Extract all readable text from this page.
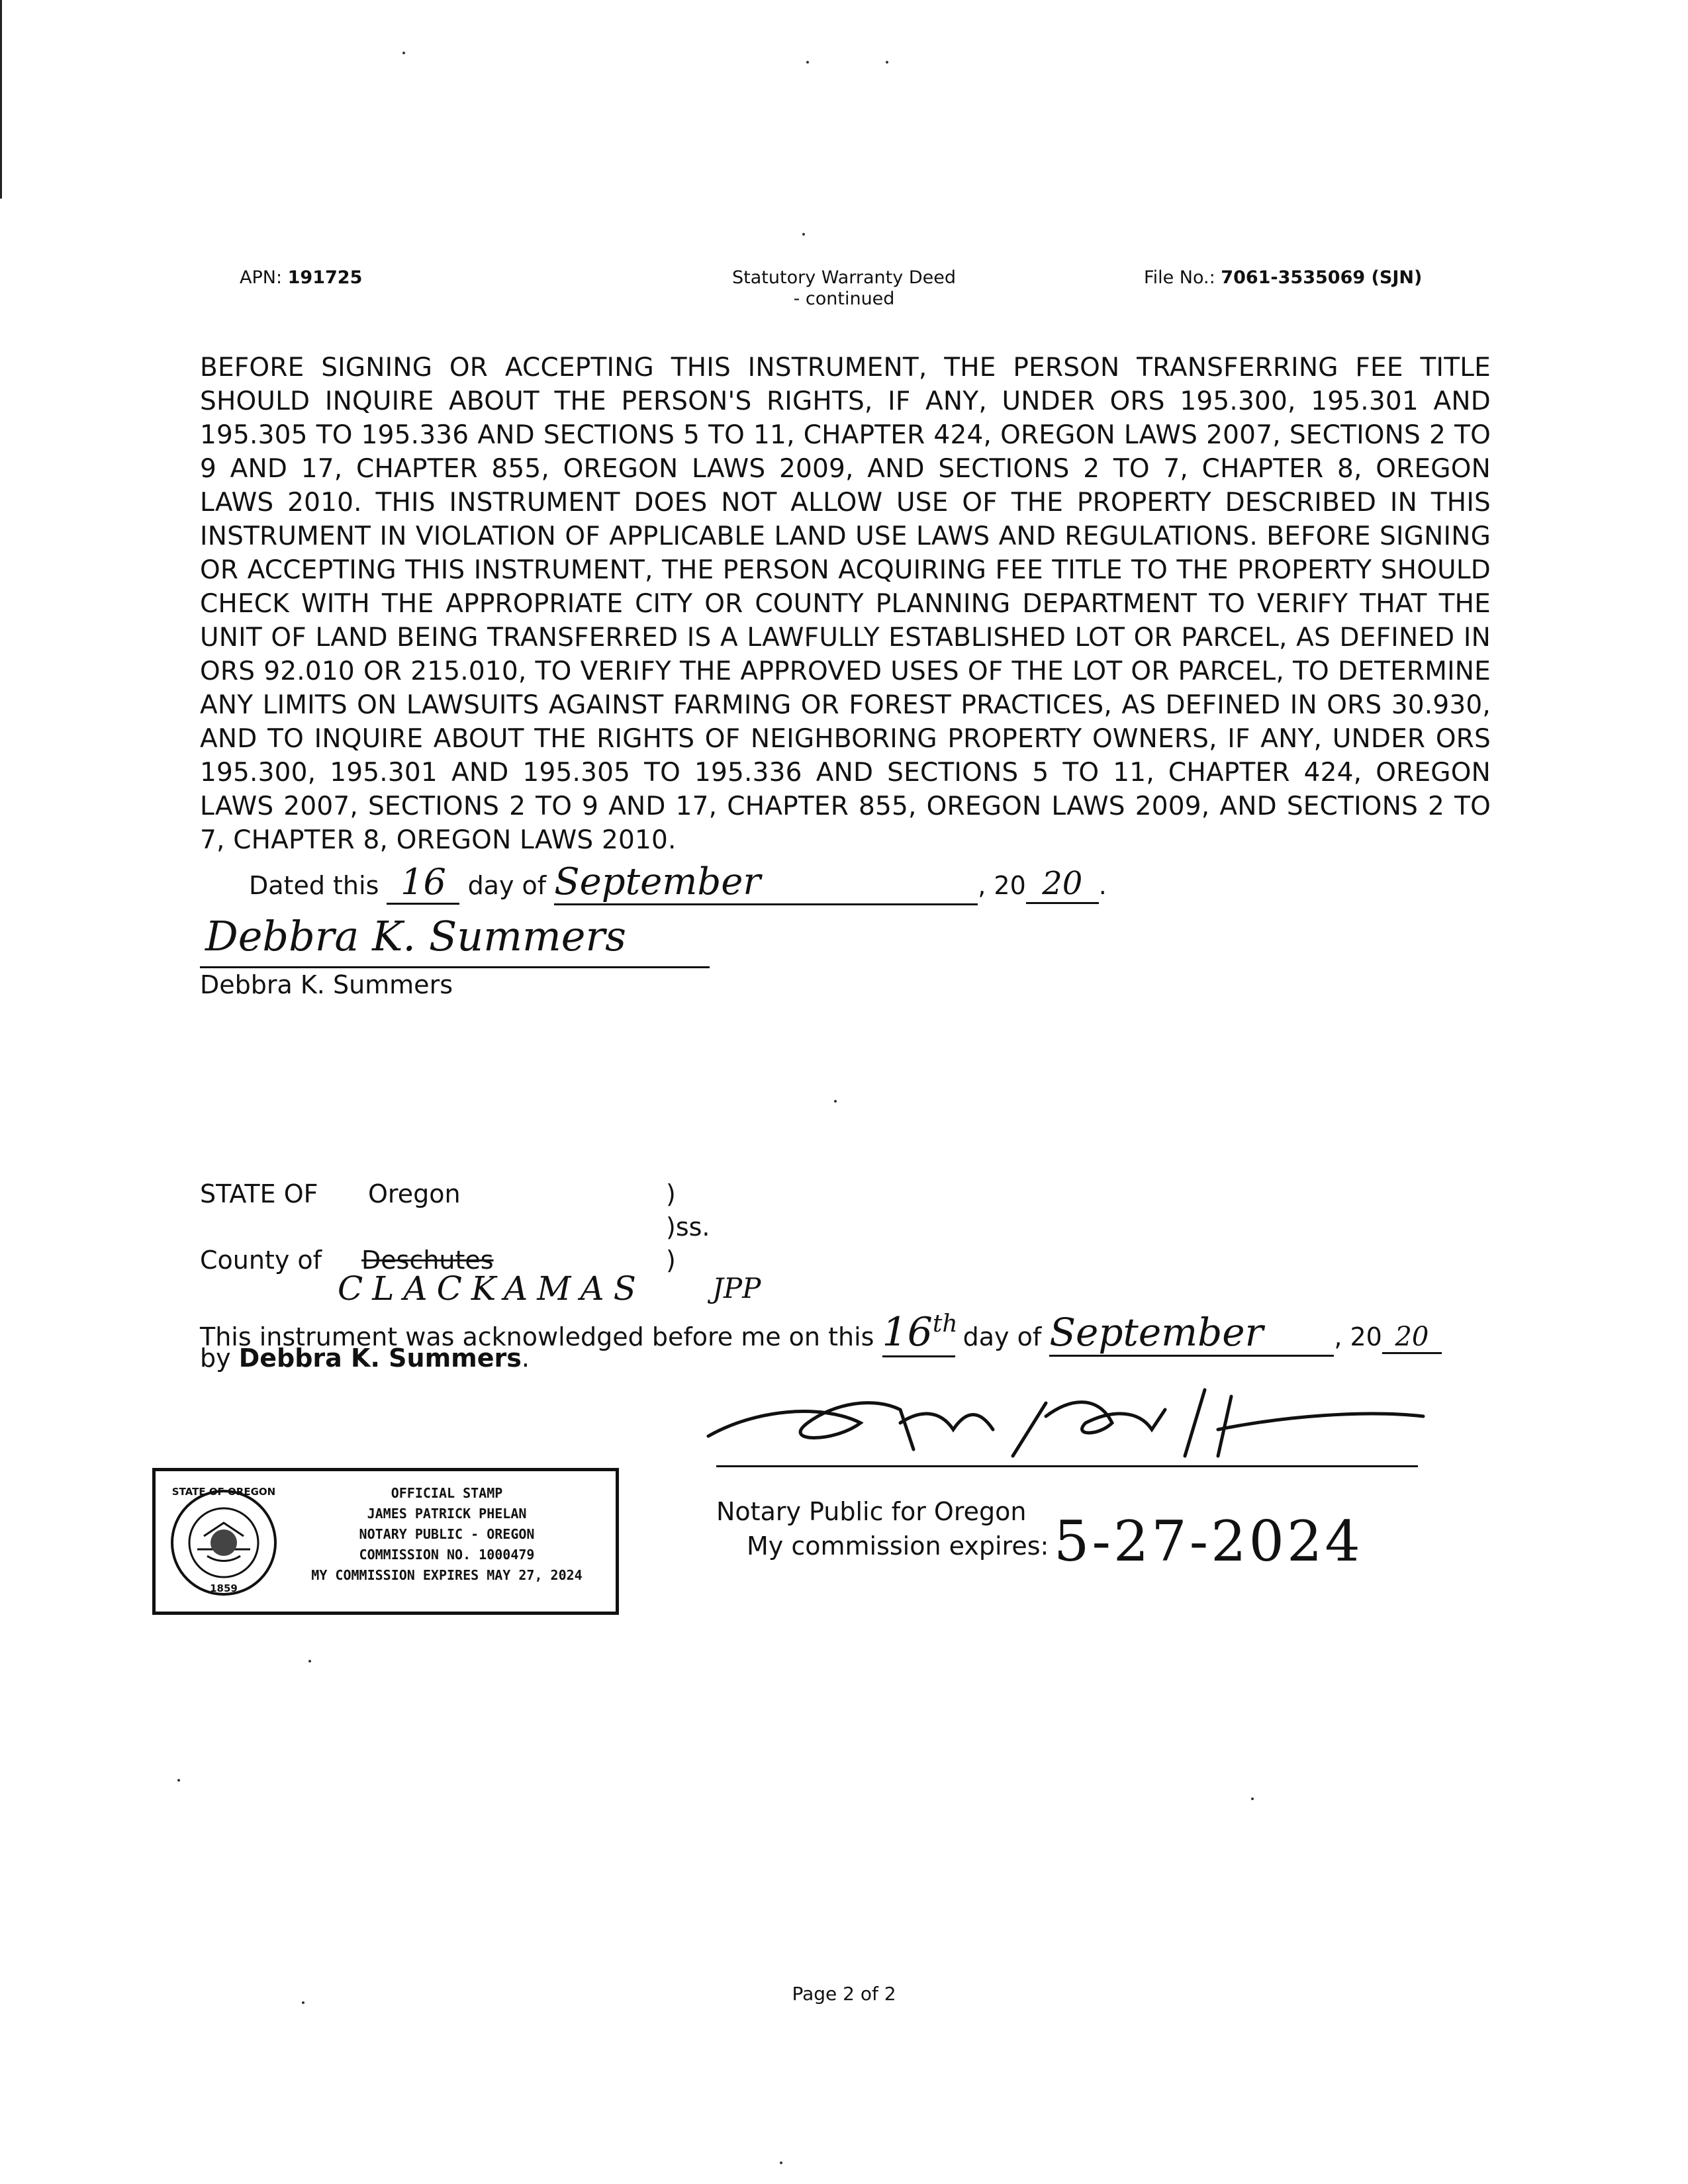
APN: 191725	Statutory Warranty Deed
- continued
File No.: 7061-3535069 (SJN)
BEFORE SIGNING OR ACCEPTING THIS INSTRUMENT, THE PERSON TRANSFERRING FEE TITLE SHOULD INQUIRE ABOUT THE PERSON'S RIGHTS, IF ANY, UNDER ORS 195.300, 195.301 AND 195.305 TO 195.336 AND SECTIONS 5 TO 11, CHAPTER 424, OREGON LAWS 2007, SECTIONS 2 TO 9 AND 17, CHAPTER 855, OREGON LAWS 2009, AND SECTIONS 2 TO 7, CHAPTER 8, OREGON LAWS 2010. THIS INSTRUMENT DOES NOT ALLOW USE OF THE PROPERTY DESCRIBED IN THIS INSTRUMENT IN VIOLATION OF APPLICABLE LAND USE LAWS AND REGULATIONS. BEFORE SIGNING OR ACCEPTING THIS INSTRUMENT, THE PERSON ACQUIRING FEE TITLE TO THE PROPERTY SHOULD CHECK WITH THE APPROPRIATE CITY OR COUNTY PLANNING DEPARTMENT TO VERIFY THAT THE UNIT OF LAND BEING TRANSFERRED IS A LAWFULLY ESTABLISHED LOT OR PARCEL, AS DEFINED IN ORS 92.010 OR 215.010, TO VERIFY THE APPROVED USES OF THE LOT OR PARCEL, TO DETERMINE ANY LIMITS ON LAWSUITS AGAINST FARMING OR FOREST PRACTICES, AS DEFINED IN ORS 30.930, AND TO INQUIRE ABOUT THE RIGHTS OF NEIGHBORING PROPERTY OWNERS, IF ANY, UNDER ORS 195.300, 195.301 AND 195.305 TO 195.336 AND SECTIONS 5 TO 11, CHAPTER 424, OREGON LAWS 2007, SECTIONS 2 TO 9 AND 17, CHAPTER 855, OREGON LAWS 2009, AND SECTIONS 2 TO 7, CHAPTER 8, OREGON LAWS 2010.
Dated this 16 day of September	, 20 20 .
Debbra K. Summers
Debbra K. Summers
STATE OF Oregon	)
)ss.
County of Deschutes	)
CLACKAMAS JPP
This instrument was acknowledged before me on this 16th day of September	, 20 20
by Debbra K. Summers.
Notary Public for Oregon
My commission expires: 5-27-2024
STATE OF OREGON
1859
OFFICIAL STAMP
JAMES PATRICK PHELAN
NOTARY PUBLIC - OREGON
COMMISSION NO. 1000479
MY COMMISSION EXPIRES MAY 27, 2024
Page 2 of 2
